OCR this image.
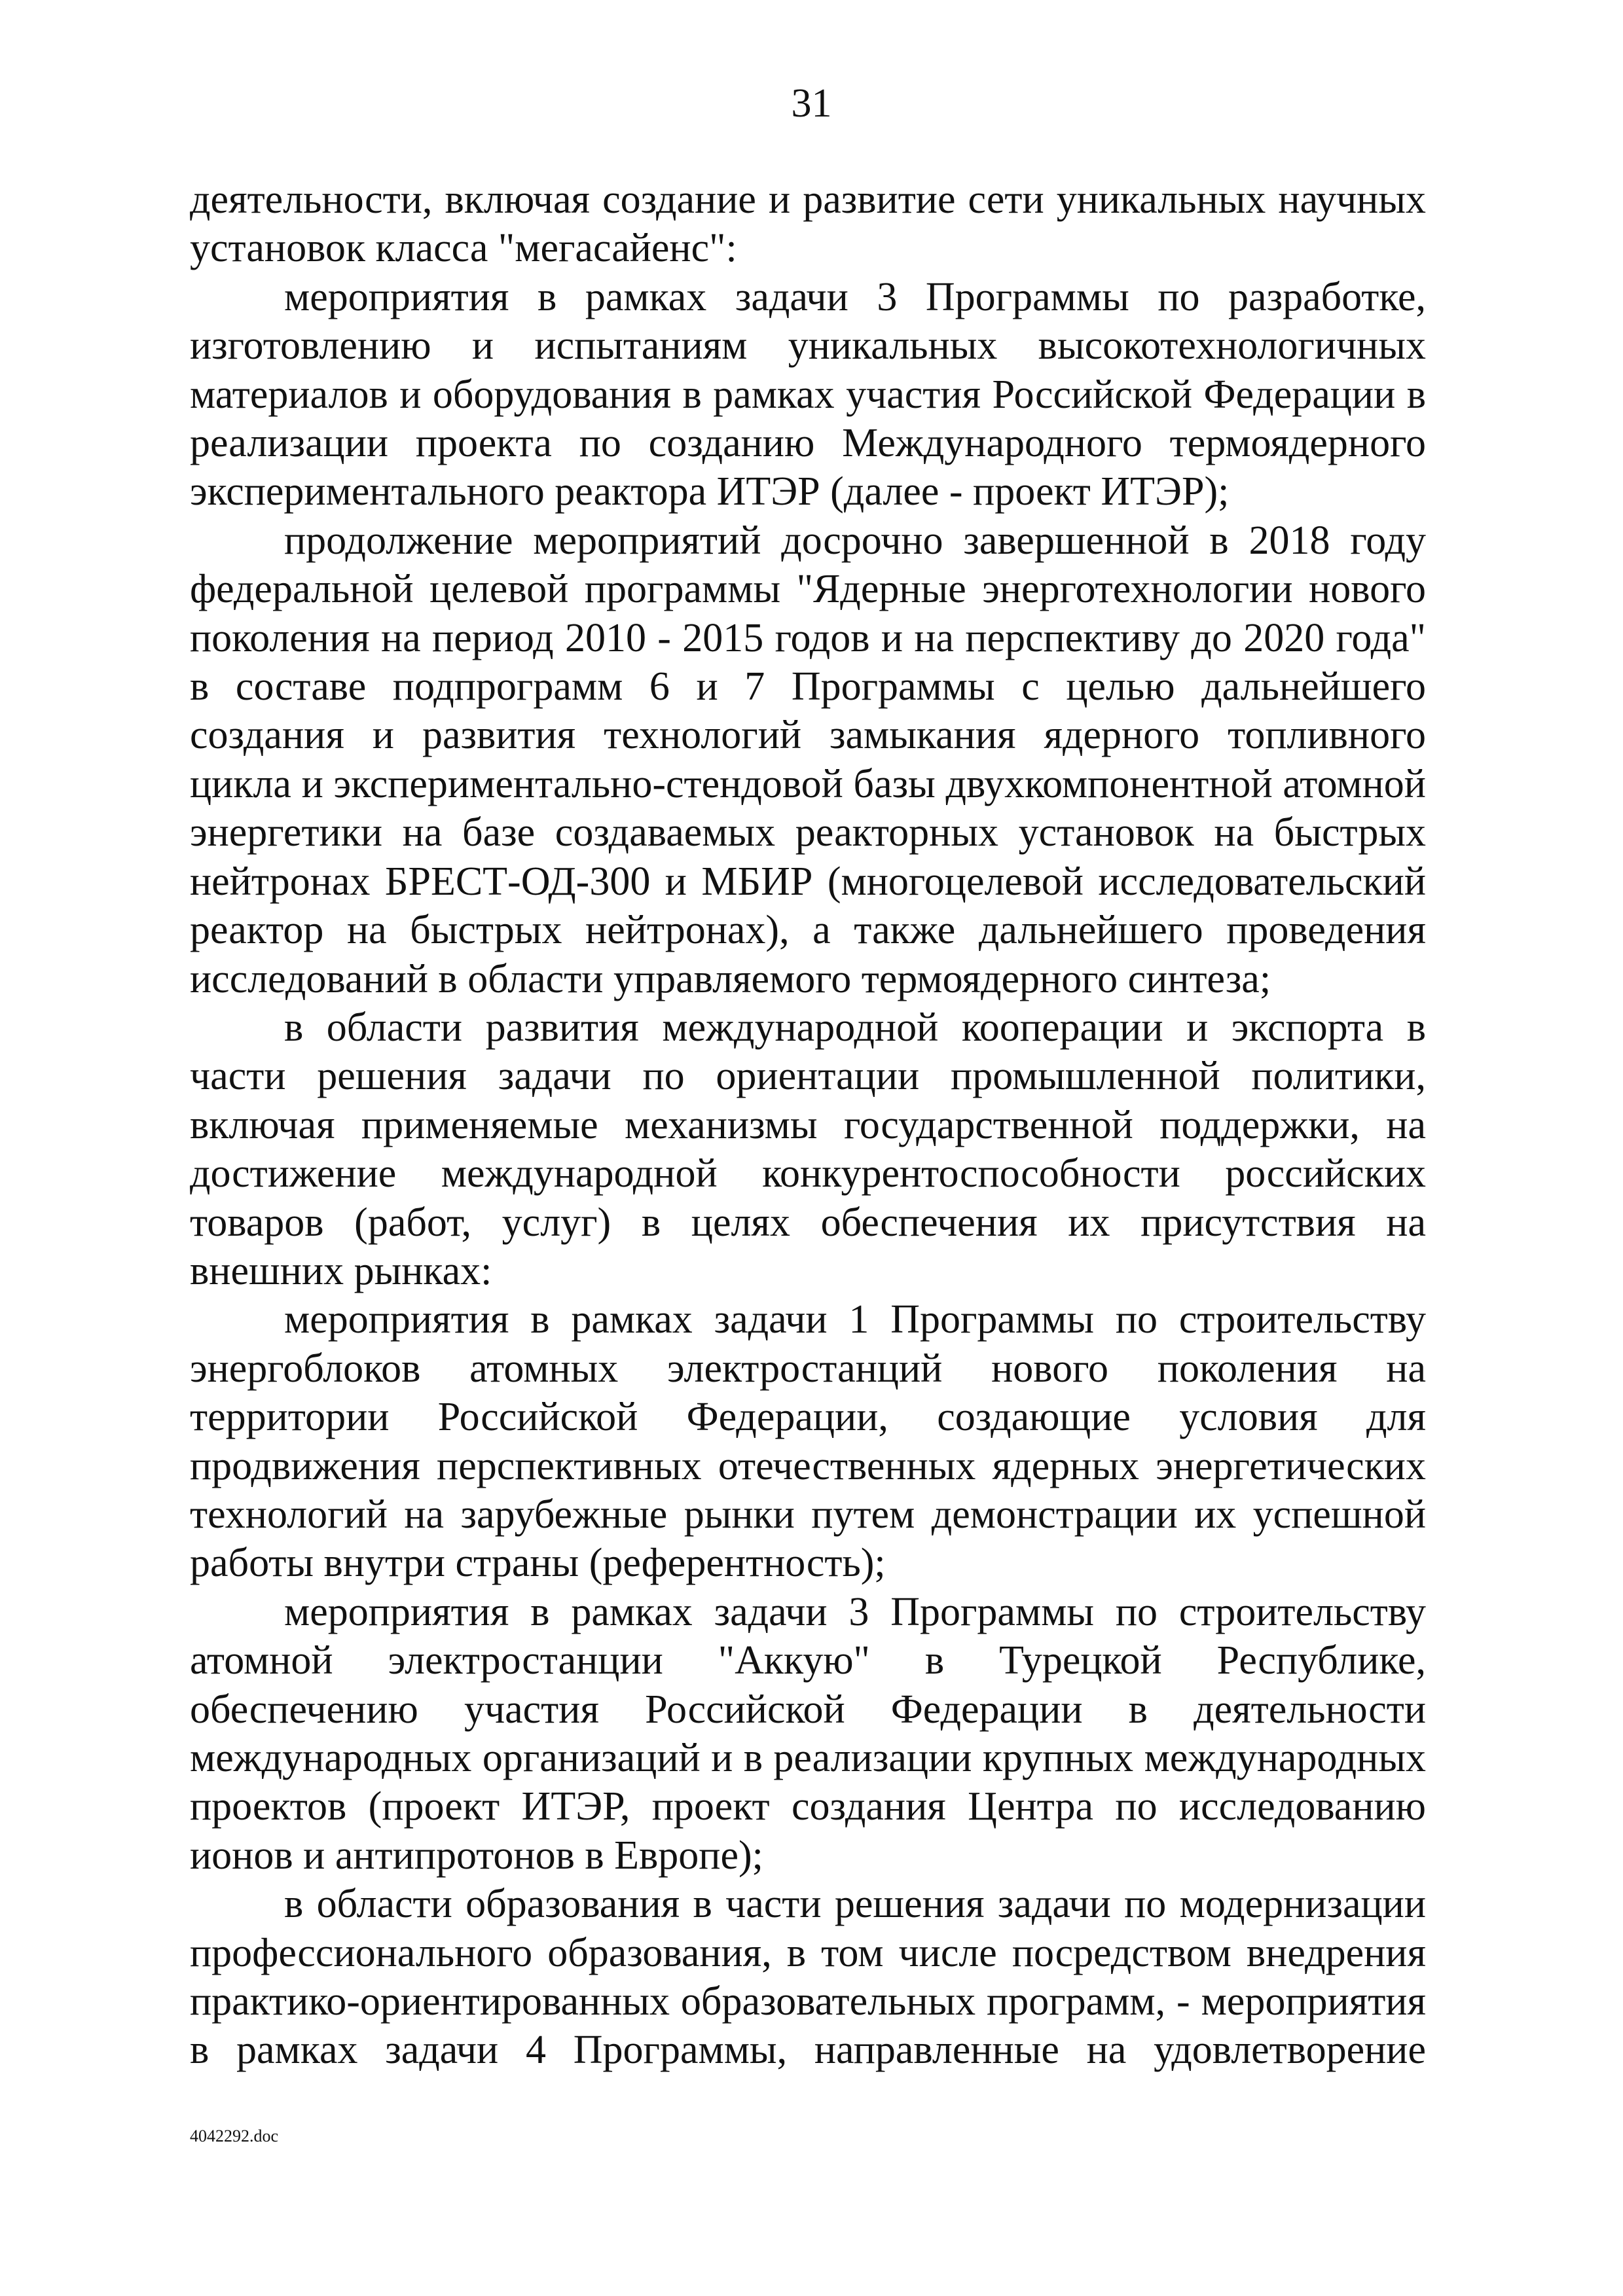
31

деятельности, включая создание и развитие сети уникальных научных установок класса "мегасайенс":

мероприятия в рамках задачи 3 Программы по разработке, изготовлению и испытаниям уникальных высокотехнологичных материалов и оборудования в рамках участия Российской Федерации в реализации проекта по созданию Международного термоядерного экспериментального реактора ИТЭР (далее - проект ИТЭР);

продолжение мероприятий досрочно завершенной в 2018 году федеральной целевой программы "Ядерные энерготехнологии нового поколения на период 2010 - 2015 годов и на перспективу до 2020 года" в составе подпрограмм 6 и 7 Программы с целью дальнейшего создания и развития технологий замыкания ядерного топливного цикла и экспериментально-стендовой базы двухкомпонентной атомной энергетики на базе создаваемых реакторных установок на быстрых нейтронах БРЕСТ-ОД-300 и МБИР (многоцелевой исследовательский реактор на быстрых нейтронах), а также дальнейшего проведения исследований в области управляемого термоядерного синтеза;

в области развития международной кооперации и экспорта в части решения задачи по ориентации промышленной политики, включая применяемые механизмы государственной поддержки, на достижение международной конкурентоспособности российских товаров (работ, услуг) в целях обеспечения их присутствия на внешних рынках:

мероприятия в рамках задачи 1 Программы по строительству энергоблоков атомных электростанций нового поколения на территории Российской Федерации, создающие условия для продвижения перспективных отечественных ядерных энергетических технологий на зарубежные рынки путем демонстрации их успешной работы внутри страны (референтность);

мероприятия в рамках задачи 3 Программы по строительству атомной электростанции "Аккую" в Турецкой Республике, обеспечению участия Российской Федерации в деятельности международных организаций и в реализации крупных международных проектов (проект ИТЭР, проект создания Центра по исследованию ионов и антипротонов в Европе);

в области образования в части решения задачи по модернизации профессионального образования, в том числе посредством внедрения практико-ориентированных образовательных программ, - мероприятия в рамках задачи 4 Программы, направленные на удовлетворение

4042292.doc
